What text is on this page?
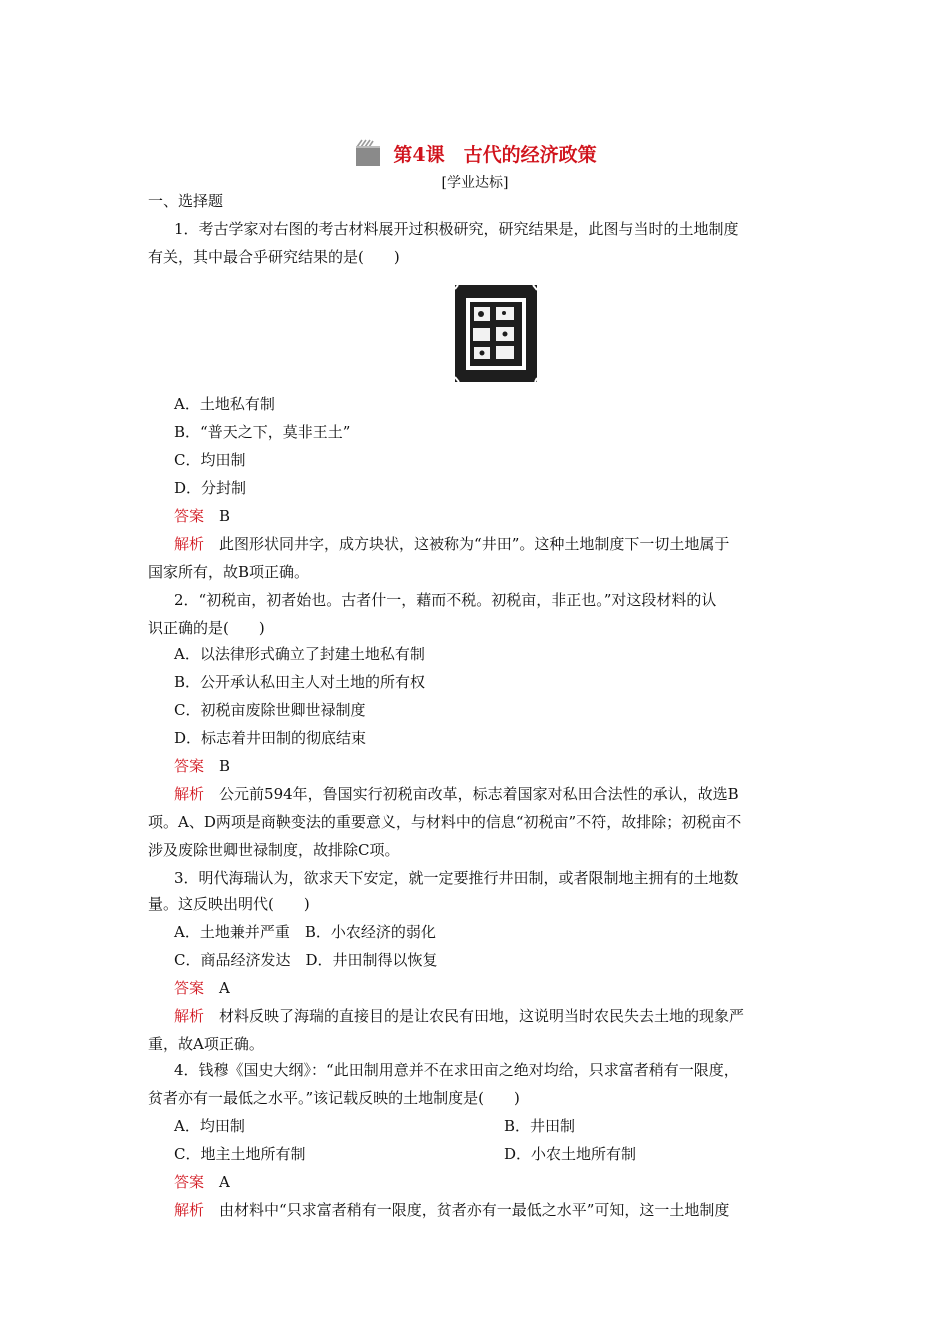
第4课　古代的经济政策
[学业达标]
一、选择题
1．考古学家对右图的考古材料展开过积极研究，研究结果是，此图与当时的土地制度
有关，其中最合乎研究结果的是(　　)
A．土地私有制
B．“普天之下，莫非王土”
C．均田制
D．分封制
答案　 B
解析　 此图形状同井字，成方块状，这被称为“井田”。这种土地制度下一切土地属于
国家所有，故B项正确。
2．“初税亩，初者始也。古者什一，藉而不税。初税亩，非正也。”对这段材料的认
识正确的是(　　)
A．以法律形式确立了封建土地私有制
B．公开承认私田主人对土地的所有权
C．初税亩废除世卿世禄制度
D．标志着井田制的彻底结束
答案　 B
解析　 公元前594年，鲁国实行初税亩改革，标志着国家对私田合法性的承认，故选B
项。A、D两项是商鞅变法的重要意义，与材料中的信息“初税亩”不符，故排除；初税亩不
涉及废除世卿世禄制度，故排除C项。
3．明代海瑞认为，欲求天下安定，就一定要推行井田制，或者限制地主拥有的土地数
量。这反映出明代(　　)
A．土地兼并严重　B．小农经济的弱化
C．商品经济发达　D．井田制得以恢复
答案　 A
解析　 材料反映了海瑞的直接目的是让农民有田地，这说明当时农民失去土地的现象严
重，故A项正确。
4．钱穆《国史大纲》：“此田制用意并不在求田亩之绝对均给，只求富者稍有一限度，
贫者亦有一最低之水平。”该记载反映的土地制度是(　　)
A．均田制	B．井田制
C．地主土地所有制	D．小农土地所有制
答案　 A
解析　 由材料中“只求富者稍有一限度，贫者亦有一最低之水平”可知，这一土地制度
